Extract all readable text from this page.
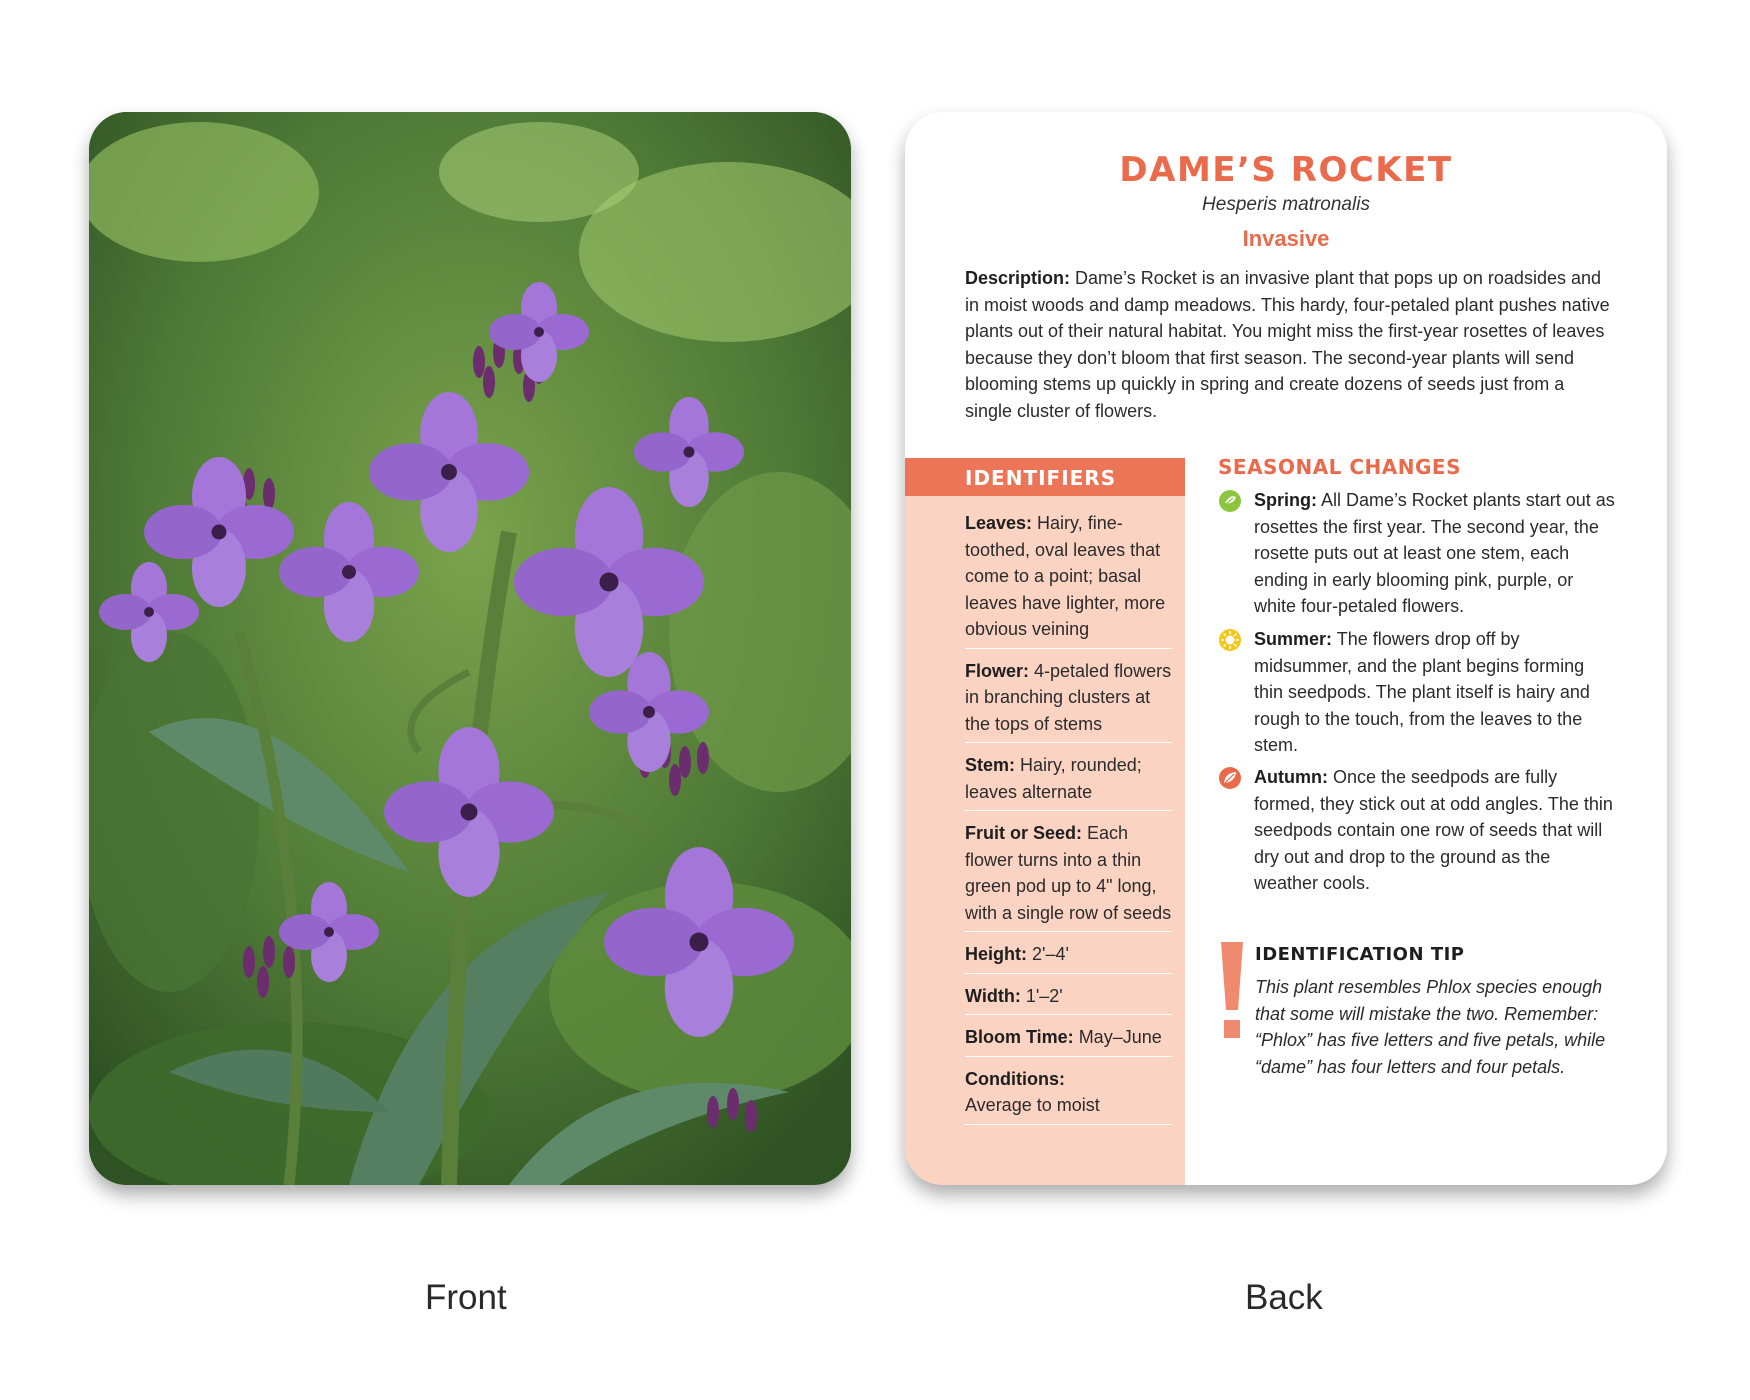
DAME’S ROCKET
Hesperis matronalis
Invasive
Description: Dame’s Rocket is an invasive plant that pops up on roadsides and in moist woods and damp meadows. This hardy, four-petaled plant pushes native plants out of their natural habitat. You might miss the first-year rosettes of leaves because they don’t bloom that first season. The second-year plants will send blooming stems up quickly in spring and create dozens of seeds just from a single cluster of flowers.
IDENTIFIERS
Leaves: Hairy, fine-toothed, oval leaves that come to a point; basal leaves have lighter, more obvious veining
Flower: 4-petaled flowers in branching clusters at the tops of stems
Stem: Hairy, rounded; leaves alternate
Fruit or Seed: Each flower turns into a thin green pod up to 4" long, with a single row of seeds
Height: 2'–4'
Width: 1'–2'
Bloom Time: May–June
Conditions:
Average to moist
SEASONAL CHANGES
Spring: All Dame’s Rocket plants start out as rosettes the first year. The second year, the rosette puts out at least one stem, each ending in early blooming pink, purple, or white four-petaled flowers.
Summer: The flowers drop off by midsummer, and the plant begins forming thin seedpods. The plant itself is hairy and rough to the touch, from the leaves to the stem.
Autumn: Once the seedpods are fully formed, they stick out at odd angles. The thin seedpods contain one row of seeds that will dry out and drop to the ground as the weather cools.
IDENTIFICATION TIP
This plant resembles Phlox species enough that some will mistake the two. Remember: “Phlox” has five letters and five petals, while “dame” has four letters and four petals.
Front	Back
